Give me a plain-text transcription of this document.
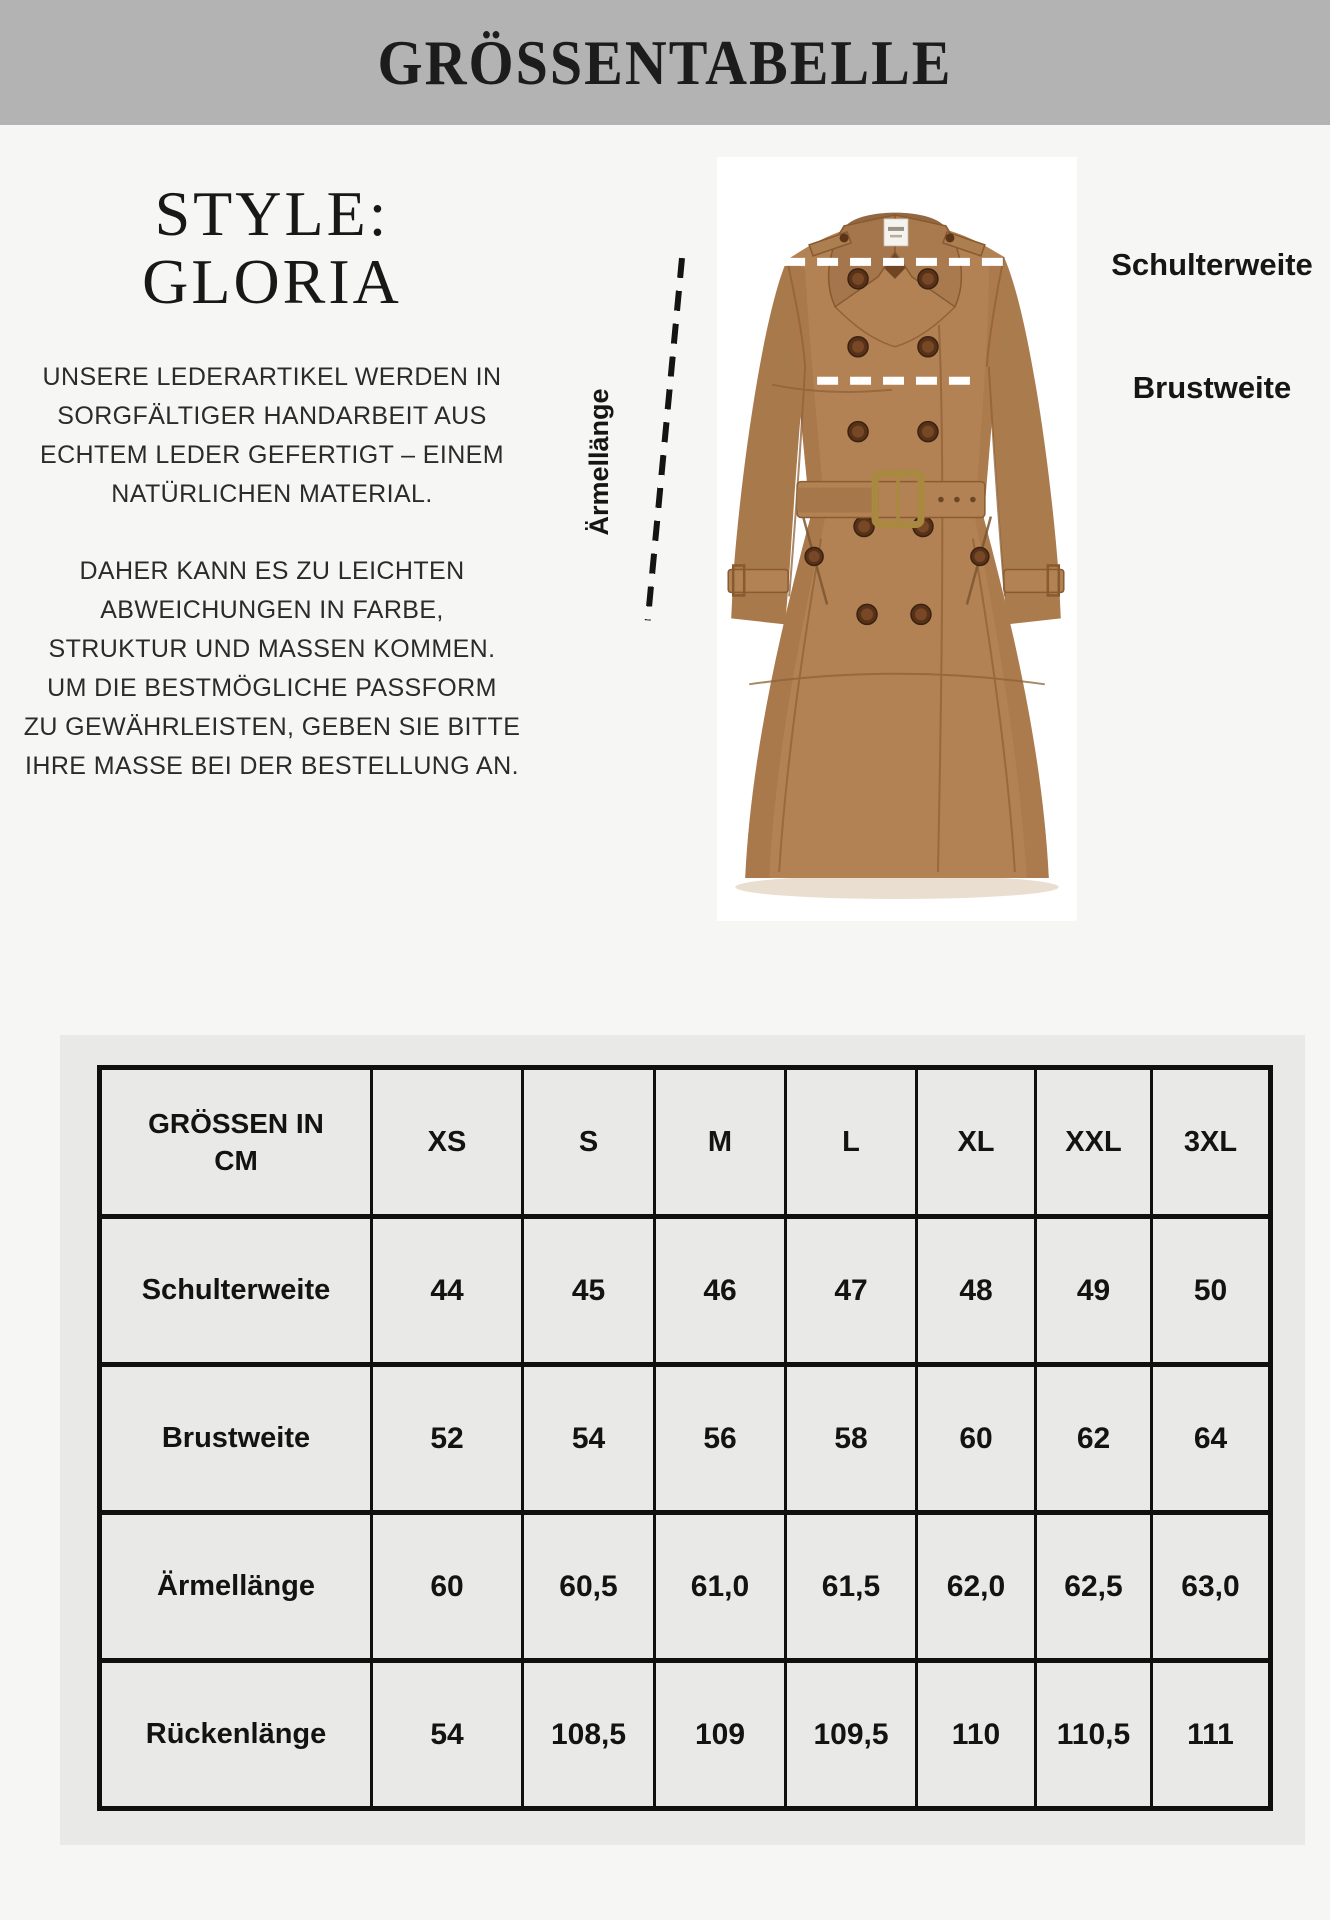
GRÖSSENTABELLE
STYLE:
GLORIA
UNSERE LEDERARTIKEL WERDEN IN
SORGFÄLTIGER HANDARBEIT AUS
ECHTEM LEDER GEFERTIGT – EINEM
NATÜRLICHEN MATERIAL.
DAHER KANN ES ZU LEICHTEN
ABWEICHUNGEN IN FARBE,
STRUKTUR UND MASSEN KOMMEN.
UM DIE BESTMÖGLICHE PASSFORM
ZU GEWÄHRLEISTEN, GEBEN SIE BITTE
IHRE MASSE BEI DER BESTELLUNG AN.
Ärmellänge
Schulterweite
Brustweite
GRÖSSEN IN CM	XS	S	M	L	XL	XXL	3XL
Schulterweite	44	45	46	47	48	49	50
Brustweite	52	54	56	58	60	62	64
Ärmellänge	60	60,5	61,0	61,5	62,0	62,5	63,0
Rückenlänge	54	108,5	109	109,5	110	110,5	111
